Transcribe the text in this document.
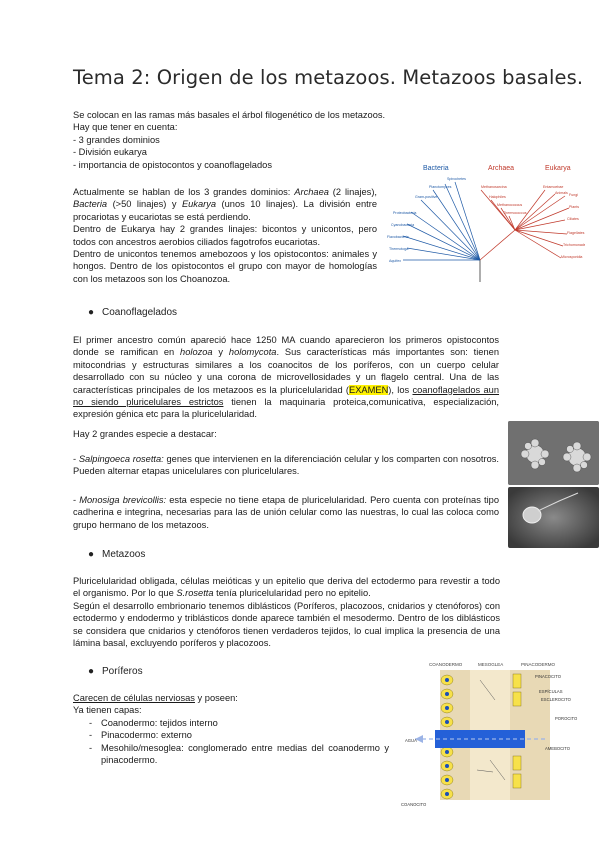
Tema 2: Origen de los metazoos. Metazoos basales.
Se colocan en las ramas más basales el árbol filogenético de los metazoos.
Hay que tener en cuenta:
- 3 grandes dominios
- División eukarya
- importancia de opistocontos y coanoflagelados
Actualmente se hablan de los 3 grandes dominios: Archaea (2 linajes), Bacteria (>50 linajes) y Eukarya (unos 10 linajes). La división entre procariotas y eucariotas se está perdiendo.
Dentro de Eukarya hay 2 grandes linajes: bicontos y unicontos, pero todos con ancestros aerobios ciliados fagotrofos eucariotas.
Dentro de unicontos tenemos amebozoos y los opistocontos: animales y hongos. Dentro de los opistocontos el grupo con mayor de homologías con los metazoos son los Choanozoa.
Bacteria	Archaea	Eukarya
Aquifex
Thermotoga
Flavobacteria
Cyanobacteria
Proteobacteria
Gram-positive
Planctomyces
Spirochetes
Methanosarcina
Halophiles
Methanococcus
Thermococcus
Entamoebae
Animals Fungi
Plants
Ciliates
Flagellates
Trichomonads
Microsporidia
● Coanoflagelados
El primer ancestro común apareció hace 1250 MA cuando aparecieron los primeros opistocontos donde se ramifican en holozoa y holomycota. Sus características más importantes son: tienen mitocondrias y estructuras similares a los coanocitos de los poríferos, con un cuerpo celular desarrollado con su núcleo y una corona de microvellosidades y un flagelo central. Una de las características principales de los metazoos es la pluricelularidad (EXAMEN), los coanoflagelados aun no siendo pluricelulares estrictos tienen la maquinaria proteica,comunicativa, especialización, expresión génica etc para la pluricelularidad.
Hay 2 grandes especie a destacar:
- Salpingoeca rosetta: genes que intervienen en la diferenciación celular y los comparten con nosotros. Pueden alternar etapas unicelulares con pluricelulares.
- Monosiga brevicollis: esta especie no tiene etapa de pluricelularidad. Pero cuenta con proteínas tipo cadherina e integrina, necesarias para las de unión celular como las nuestras, lo cual las coloca como grupo hermano de los metazoos.
● Metazoos
Pluricelularidad obligada, células meióticas y un epitelio que deriva del ectodermo para revestir a todo el organismo. Por lo que S.rosetta tenía pluricelularidad pero no epitelio.
Según el desarrollo embrionario tenemos diblásticos (Poríferos, placozoos, cnidarios y ctenóforos) con ectodermo y endodermo y triblásticos donde aparece también el mesodermo. Dentro de los diblásticos se considera que cnidarios y ctenóforos tienen verdaderos tejidos, lo cual implica la presencia de una lámina basal, excluyendo poríferos y placozoos.
● Poríferos
Carecen de células nerviosas y poseen:
Ya tienen capas:
- Coanodermo: tejidos interno
- Pinacodermo: externo
- Mesohilo/mesoglea: conglomerado entre medias del coanodermo y pinacodermo.
COANODERMO	MESOGLEA	PINACODERMO
PINACOCITO
ESPÍCULAS
ESCLEROCITO
POROCITO
AMEBOCITO
AGUA
COANOCITO
